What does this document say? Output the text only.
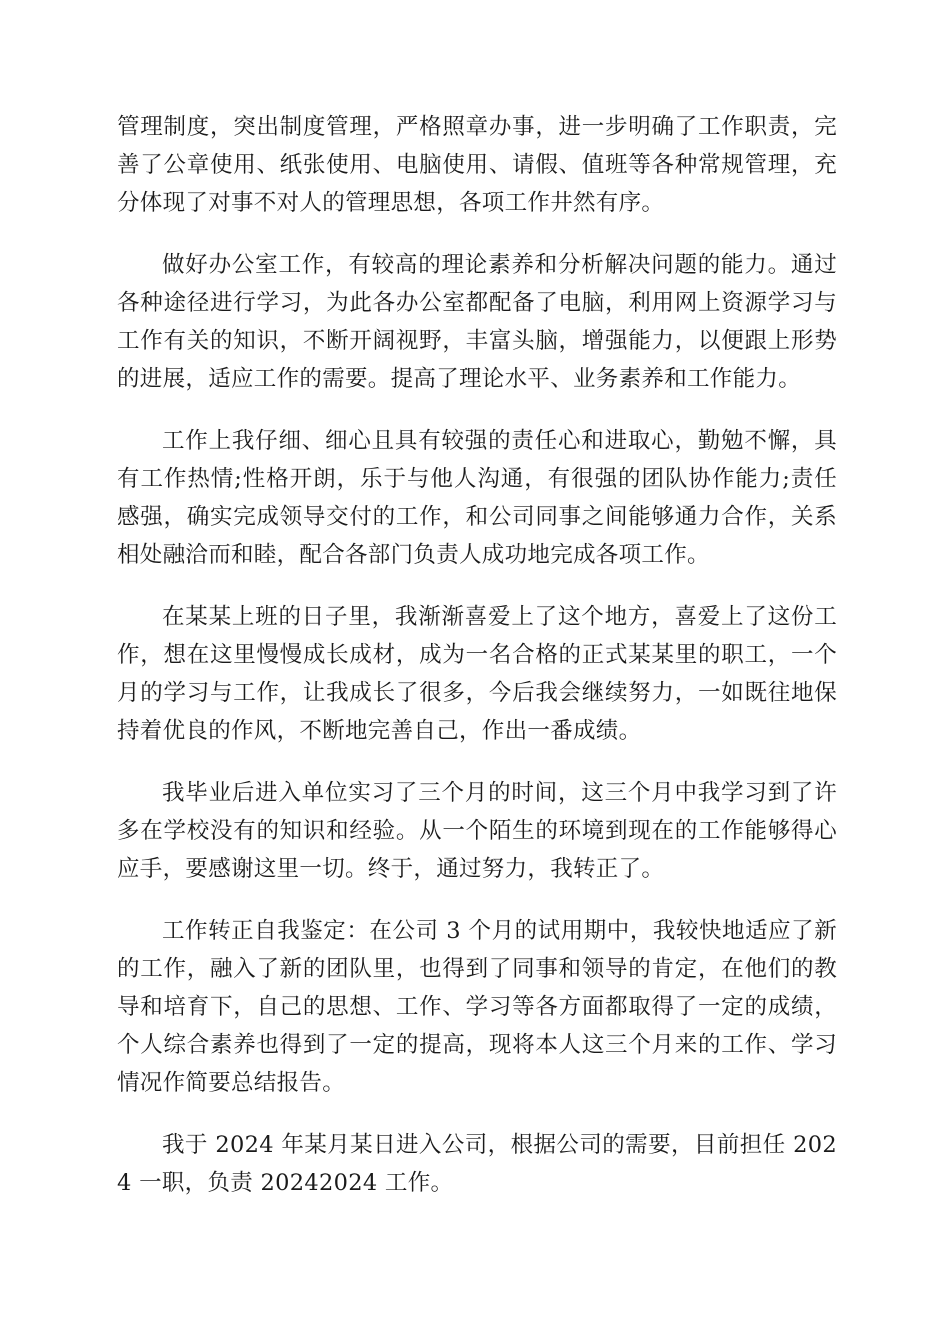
管理制度，突出制度管理，严格照章办事，进一步明确了工作职责，完善了公章使用、纸张使用、电脑使用、请假、值班等各种常规管理，充分体现了对事不对人的管理思想，各项工作井然有序。

做好办公室工作，有较高的理论素养和分析解决问题的能力。通过各种途径进行学习，为此各办公室都配备了电脑，利用网上资源学习与工作有关的知识，不断开阔视野，丰富头脑，增强能力，以便跟上形势的进展，适应工作的需要。提高了理论水平、业务素养和工作能力。

工作上我仔细、细心且具有较强的责任心和进取心，勤勉不懈，具有工作热情;性格开朗，乐于与他人沟通，有很强的团队协作能力;责任感强，确实完成领导交付的工作，和公司同事之间能够通力合作，关系相处融洽而和睦，配合各部门负责人成功地完成各项工作。

在某某上班的日子里，我渐渐喜爱上了这个地方，喜爱上了这份工作，想在这里慢慢成长成材，成为一名合格的正式某某里的职工，一个月的学习与工作，让我成长了很多，今后我会继续努力，一如既往地保持着优良的作风，不断地完善自己，作出一番成绩。

我毕业后进入单位实习了三个月的时间，这三个月中我学习到了许多在学校没有的知识和经验。从一个陌生的环境到现在的工作能够得心应手，要感谢这里一切。终于，通过努力，我转正了。

工作转正自我鉴定：在公司 3 个月的试用期中，我较快地适应了新的工作，融入了新的团队里，也得到了同事和领导的肯定，在他们的教导和培育下，自己的思想、工作、学习等各方面都取得了一定的成绩，个人综合素养也得到了一定的提高，现将本人这三个月来的工作、学习情况作简要总结报告。

我于 2024 年某月某日进入公司，根据公司的需要，目前担任 2024 一职，负责 20242024 工作。
